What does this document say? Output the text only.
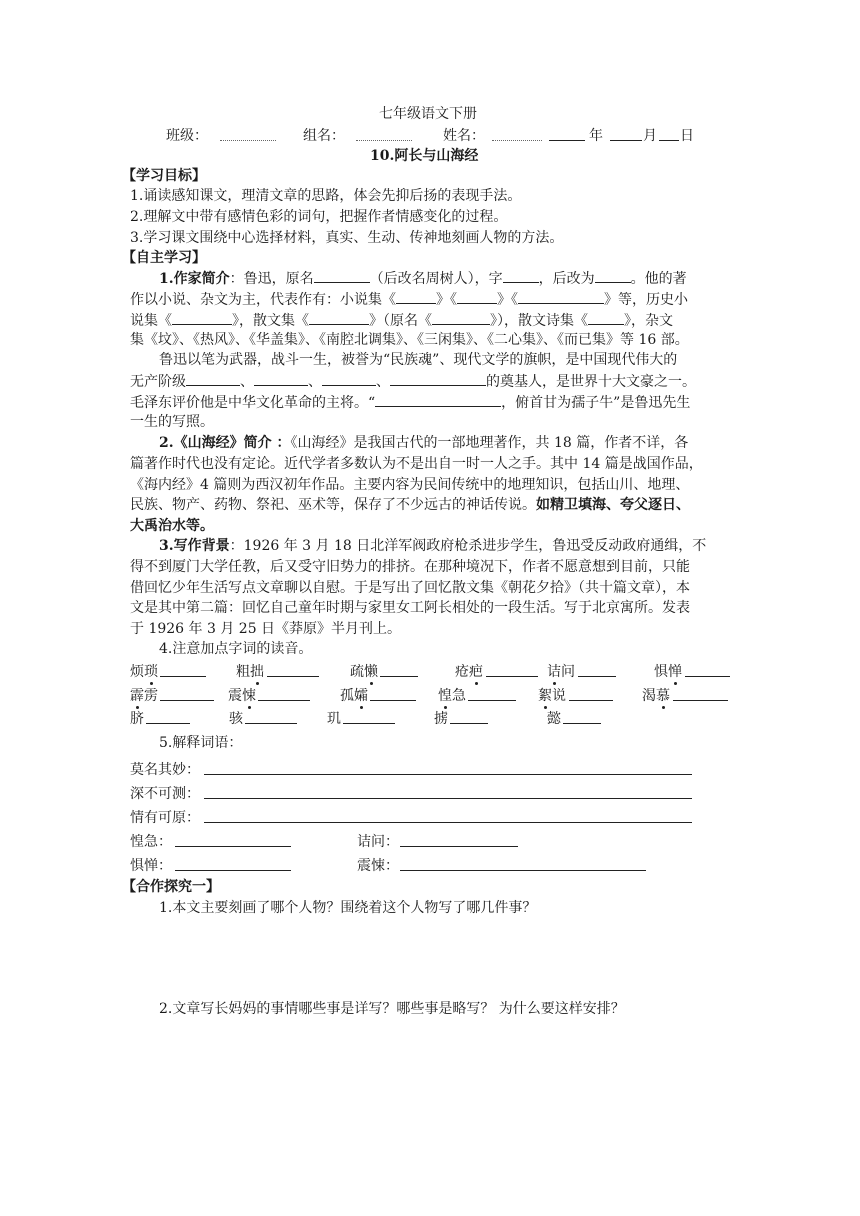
七年级语文下册
班级：	组名：	姓名：	年	月 日
10.阿长与山海经
【学习目标】
1.诵读感知课文，理清文章的思路，体会先抑后扬的表现手法。
2.理解文中带有感情色彩的词句，把握作者情感变化的过程。
3.学习课文围绕中心选择材料，真实、生动、传神地刻画人物的方法。
【自主学习】
1.作家简介：鲁迅，原名	（后改名周树人），字	，后改为	。他的著
作以小说、杂文为主，代表作有：小说集《	》《	》《	》等，历史小
说集《	》，散文集《	》（原名《	》），散文诗集《	》，杂文
集《坟》、《热风》、《华盖集》、《南腔北调集》、《三闲集》、《二心集》、《而已集》等 16 部。
鲁迅以笔为武器，战斗一生，被誉为“民族魂”、现代文学的旗帜，是中国现代伟大的
无产阶级	、	、	、	的奠基人，是世界十大文豪之一。
毛泽东评价他是中华文化革命的主将。“	，俯首甘为孺子牛”是鲁迅先生
一生的写照。
2.《山海经》简介 ：《山海经》是我国古代的一部地理著作，共 18 篇，作者不详，各
篇著作时代也没有定论。近代学者多数认为不是出自一时一人之手。其中 14 篇是战国作品，
《海内经》4 篇则为西汉初年作品。主要内容为民间传统中的地理知识，包括山川、地理、
民族、物产、药物、祭祀、巫术等，保存了不少远古的神话传说。如精卫填海、夸父逐日、
大禹治水等。
3.写作背景：1926 年 3 月 18 日北洋军阀政府枪杀进步学生，鲁迅受反动政府通缉，不
得不到厦门大学任教，后又受守旧势力的排挤。在那种境况下，作者不愿意想到目前，只能
借回忆少年生活写点文章聊以自慰。于是写出了回忆散文集《朝花夕拾》（共十篇文章），本
文是其中第二篇：回忆自己童年时期与家里女工阿长相处的一段生活。写于北京寓所。发表
于 1926 年 3 月 25 日《莽原》半月刊上。
4.注意加点字词的读音。
烦琐	粗拙	疏懒	疮疤	诘问	惧惮
霹雳	震悚	孤孀	惶急	絮说	渴慕
脐	骇	玑	掳	懿
5.解释词语：
莫名其妙：
深不可测：
情有可原：
惶急：	诘问：
惧惮：	震悚：
【合作探究一】
1.本文主要刻画了哪个人物？围绕着这个人物写了哪几件事？
2.文章写长妈妈的事情哪些事是详写？哪些事是略写？ 为什么要这样安排？
